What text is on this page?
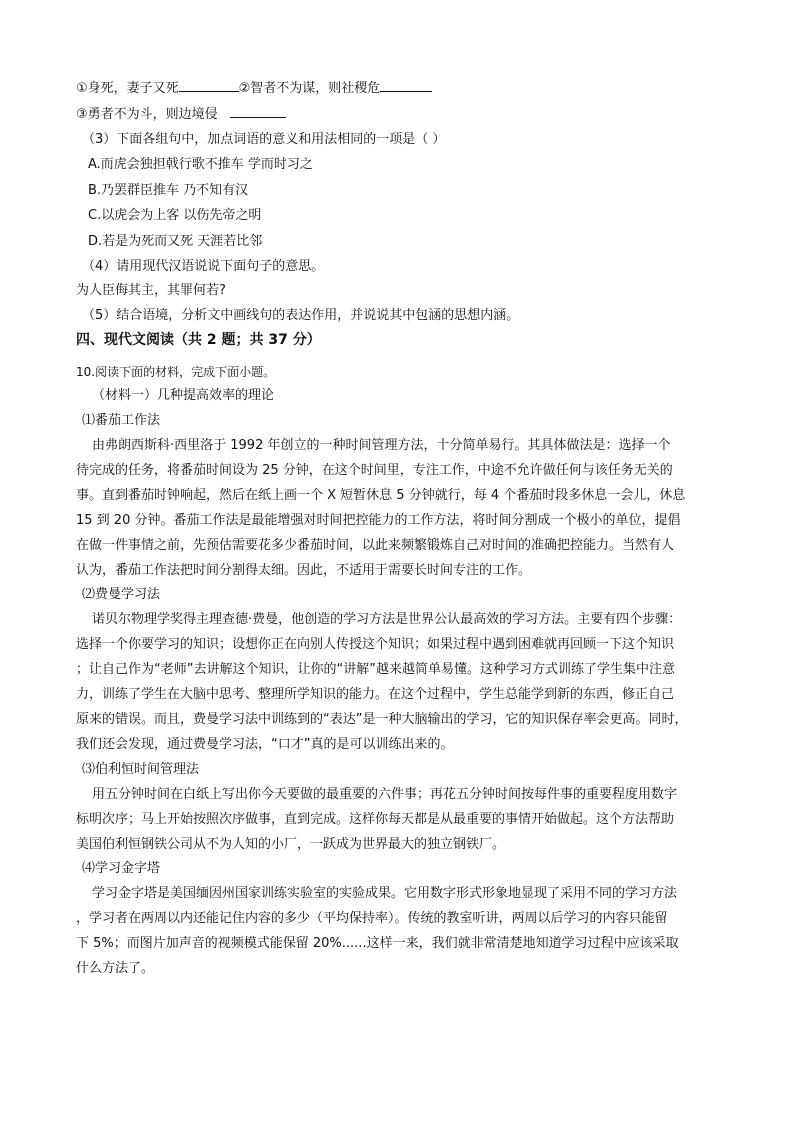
①身死，妻子又死	②智者不为谋，则社稷危

③勇者不为斗，则边境侵

（3）下面各组句中，加点词语的意义和用法相同的一项是（ ）

A.而虎会独担戟行歌不推车 学而时习之

B.乃罢群臣推车 乃不知有汉

C.以虎会为上客 以伤先帝之明

D.若是为死而又死 天涯若比邻

（4）请用现代汉语说说下面句子的意思。

为人臣侮其主，其罪何若?

（5）结合语境，分析文中画线句的表达作用，并说说其中包涵的思想内涵。

四、现代文阅读（共 2 题；共 37 分）

10.阅读下面的材料，完成下面小题。

（材料一）几种提高效率的理论

⑴番茄工作法

由弗朗西斯科·西里洛于 1992 年创立的一种时间管理方法，十分简单易行。其具体做法是：选择一个

待完成的任务，将番茄时间设为 25 分钟，在这个时间里，专注工作，中途不允许做任何与该任务无关的

事。直到番茄时钟响起，然后在纸上画一个 X 短暂休息 5 分钟就行，每 4 个番茄时段多休息一会儿，休息

15 到 20 分钟。番茄工作法是最能增强对时间把控能力的工作方法，将时间分割成一个极小的单位，提倡

在做一件事情之前，先预估需要花多少番茄时间，以此来频繁锻炼自己对时间的准确把控能力。当然有人

认为，番茄工作法把时间分割得太细。因此，不适用于需要长时间专注的工作。

⑵费曼学习法

诺贝尔物理学奖得主理查德·费曼，他创造的学习方法是世界公认最高效的学习方法。主要有四个步骤：

选择一个你要学习的知识；设想你正在向别人传授这个知识；如果过程中遇到困难就再回顾一下这个知识

；让自己作为“老师”去讲解这个知识，让你的“讲解”越来越简单易懂。这种学习方式训练了学生集中注意

力，训练了学生在大脑中思考、整理所学知识的能力。在这个过程中，学生总能学到新的东西，修正自己

原来的错误。而且，费曼学习法中训练到的“表达”是一种大脑输出的学习，它的知识保存率会更高。同时，

我们还会发现，通过费曼学习法，“口才”真的是可以训练出来的。

⑶伯利恒时间管理法

用五分钟时间在白纸上写出你今天要做的最重要的六件事；再花五分钟时间按每件事的重要程度用数字

标明次序；马上开始按照次序做事，直到完成。这样你每天都是从最重要的事情开始做起。这个方法帮助

美国伯利恒钢铁公司从不为人知的小厂，一跃成为世界最大的独立钢铁厂。

⑷学习金字塔

学习金字塔是美国缅因州国家训练实验室的实验成果。它用数字形式形象地显现了采用不同的学习方法

，学习者在两周以内还能记住内容的多少（平均保持率）。传统的教室听讲，两周以后学习的内容只能留

下 5%；而图片加声音的视频模式能保留 20%......这样一来，我们就非常清楚地知道学习过程中应该采取

什么方法了。
